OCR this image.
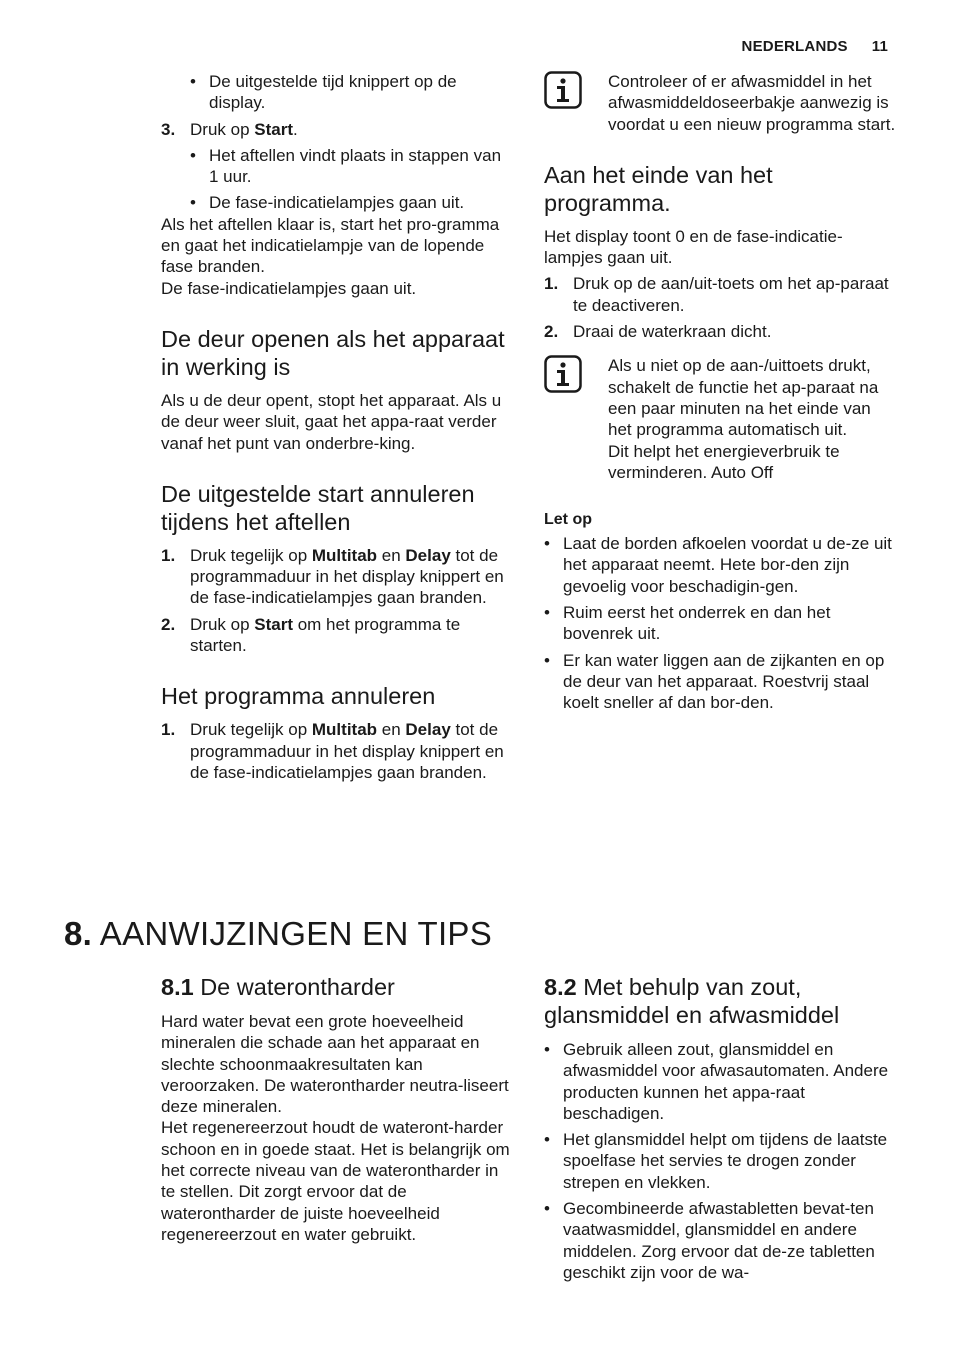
NEDERLANDS 11
• De uitgestelde tijd knippert op de display.
3. Druk op Start.
• Het aftellen vindt plaats in stappen van 1 uur.
• De fase-indicatielampjes gaan uit.

Als het aftellen klaar is, start het pro-gramma en gaat het indicatielampje van de lopende fase branden.

De fase-indicatielampjes gaan uit.

De deur openen als het apparaat in werking is

Als u de deur opent, stopt het apparaat. Als u de deur weer sluit, gaat het appa-raat verder vanaf het punt van onderbre-king.

De uitgestelde start annuleren tijdens het aftellen
1. Druk tegelijk op Multitab en Delay tot de programmaduur in het display knippert en de fase-indicatielampjes gaan branden.
2. Druk op Start om het programma te starten.
Het programma annuleren
1. Druk tegelijk op Multitab en Delay tot de programmaduur in het display knippert en de fase-indicatielampjes gaan branden.

Controleer of er afwasmiddel in het afwasmiddeldoseerbakje aanwezig is voordat u een nieuw programma start.

Aan het einde van het programma.

Het display toont 0 en de fase-indicatie-lampjes gaan uit.

1. Druk op de aan/uit-toets om het ap-paraat te deactiveren.
2. Draai de waterkraan dicht.

Als u niet op de aan-/uittoets drukt, schakelt de functie het ap-paraat na een paar minuten na het einde van het programma automatisch uit.

Dit helpt het energieverbruik te verminderen. Auto Off

Let op
• Laat de borden afkoelen voordat u de-ze uit het apparaat neemt. Hete bor-den zijn gevoelig voor beschadigin-gen.
• Ruim eerst het onderrek en dan het bovenrek uit.
• Er kan water liggen aan de zijkanten en op de deur van het apparaat. Roestvrij staal koelt sneller af dan bor-den.
8. AANWIJZINGEN EN TIPS
8.1 De waterontharder

Hard water bevat een grote hoeveelheid mineralen die schade aan het apparaat en slechte schoonmaakresultaten kan veroorzaken. De waterontharder neutra-liseert deze mineralen.

Het regenereerzout houdt de wateront-harder schoon en in goede staat. Het is belangrijk om het correcte niveau van de waterontharder in te stellen. Dit zorgt ervoor dat de waterontharder de juiste hoeveelheid regenereerzout en water gebruikt.

8.2 Met behulp van zout, glansmiddel en afwasmiddel
• Gebruik alleen zout, glansmiddel en afwasmiddel voor afwasautomaten. Andere producten kunnen het appa-raat beschadigen.
• Het glansmiddel helpt om tijdens de laatste spoelfase het servies te drogen zonder strepen en vlekken.
• Gecombineerde afwastabletten bevat-ten vaatwasmiddel, glansmiddel en andere middelen. Zorg ervoor dat de-ze tabletten geschikt zijn voor de wa-
